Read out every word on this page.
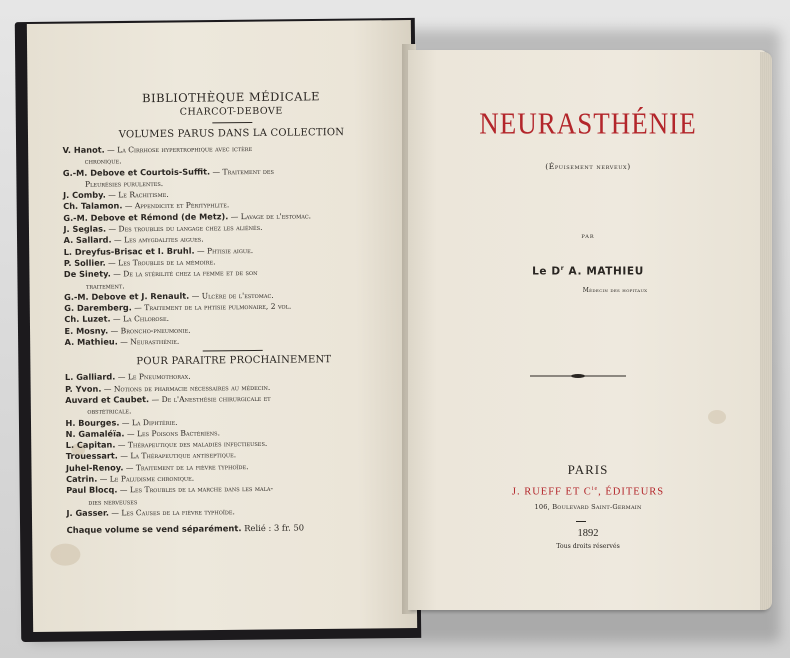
BIBLIOTHÈQUE MÉDICALE
CHARCOT-DEBOVE
VOLUMES PARUS DANS LA COLLECTION
V. Hanot. — La Cirrhose hypertrophique avec ictère
chronique.
G.-M. Debove et Courtois-Suffit. — Traitement des
Pleurésies purulentes.
J. Comby. — Le Rachitisme.
Ch. Talamon. — Appendicite et Pérityphlite.
G.-M. Debove et Rémond (de Metz). — Lavage de l'estomac.
J. Seglas. — Des troubles du langage chez les aliénés.
A. Sallard. — Les amygdalites aigues.
L. Dreyfus-Brisac et I. Bruhl. — Phtisie aigue.
P. Sollier. — Les Troubles de la mémoire.
De Sinety. — De la stérilité chez la femme et de son
traitement.
G.-M. Debove et J. Renault. — Ulcère de l'estomac.
G. Daremberg. — Traitement de la phtisie pulmonaire, 2 vol.
Ch. Luzet. — La Chlorose.
E. Mosny. — Broncho-pneumonie.
A. Mathieu. — Neurasthénie.
POUR PARAITRE PROCHAINEMENT
L. Galliard. — Le Pneumothorax.
P. Yvon. — Notions de pharmacie nécessaires au médecin.
Auvard et Caubet. — De l'Anesthésie chirurgicale et
obstétricale.
H. Bourges. — La Diphtérie.
N. Gamaléïa. — Les Poisons Bactériens.
L. Capitan. — Thérapeutique des maladies infectieuses.
Trouessart. — La Thérapeutique antiseptique.
Juhel-Renoy. — Traitement de la fièvre typhoïde.
Catrin. — Le Paludisme chronique.
Paul Blocq. — Les Troubles de la marche dans les mala-
dies nerveuses
J. Gasser. — Les Causes de la fièvre typhoïde.
Chaque volume se vend séparément. Relié : 3 fr. 50
NEURASTHÉNIE
(Épuisement nerveux)
par
Le $D^r$ A. MATHIEU
Médecin des hopitaux
PARIS
J. RUEFF ET $C^{ie}$, ÉDITEURS
106, Boulevard Saint-Germain
1892
Tous droits réservés
